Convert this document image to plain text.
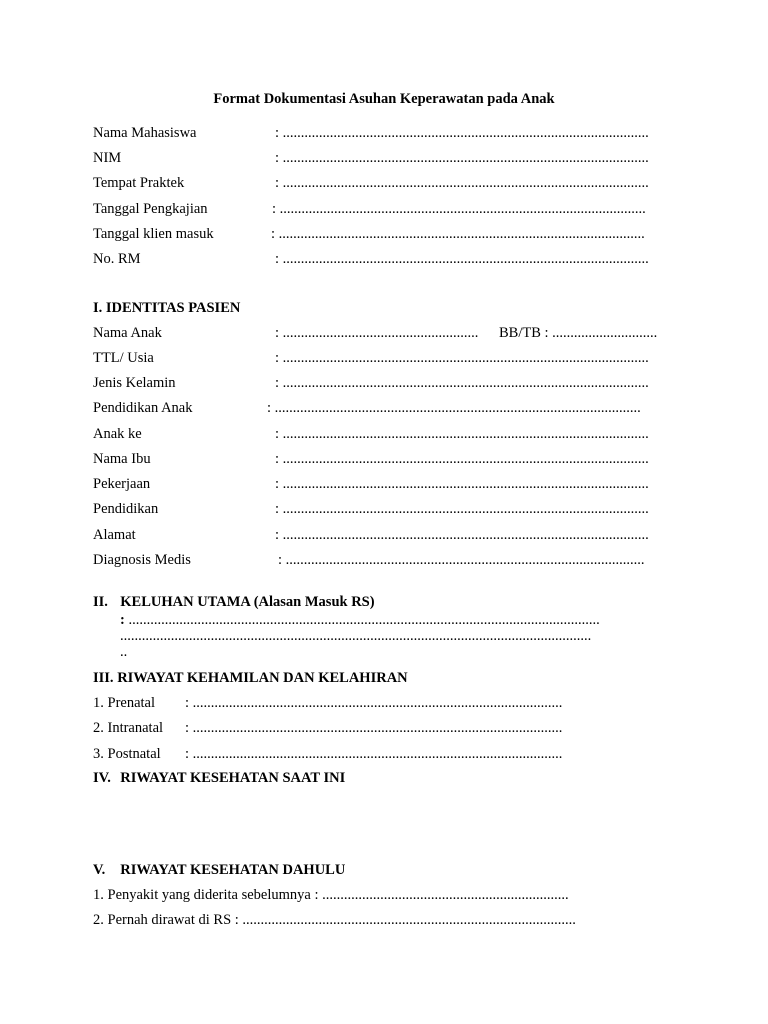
Format Dokumentasi Asuhan Keperawatan pada Anak
Nama Mahasiswa	: .....................................................................................................
NIM	: .....................................................................................................
Tempat Praktek	: .....................................................................................................
Tanggal Pengkajian	: .....................................................................................................
Tanggal klien masuk	: .....................................................................................................
No. RM	: .....................................................................................................
I. IDENTITAS PASIEN
Nama Anak	: ...................................................... BB/TB : .............................
TTL/ Usia	: .....................................................................................................
Jenis Kelamin	: .....................................................................................................
Pendidikan Anak	: .....................................................................................................
Anak ke	: .....................................................................................................
Nama Ibu	: .....................................................................................................
Pekerjaan	: .....................................................................................................
Pendidikan	: .....................................................................................................
Alamat	: .....................................................................................................
Diagnosis Medis	: ...................................................................................................
II. KELUHAN UTAMA (Alasan Masuk RS)
: ..................................................................................................................................
..................................................................................................................................
..
III. RIWAYAT KEHAMILAN DAN KELAHIRAN
1. Prenatal : ......................................................................................................
2. Intranatal : ......................................................................................................
3. Postnatal : ......................................................................................................
IV. RIWAYAT KESEHATAN SAAT INI
V. RIWAYAT KESEHATAN DAHULU
1. Penyakit yang diderita sebelumnya : ....................................................................
2. Pernah dirawat di RS : ............................................................................................
